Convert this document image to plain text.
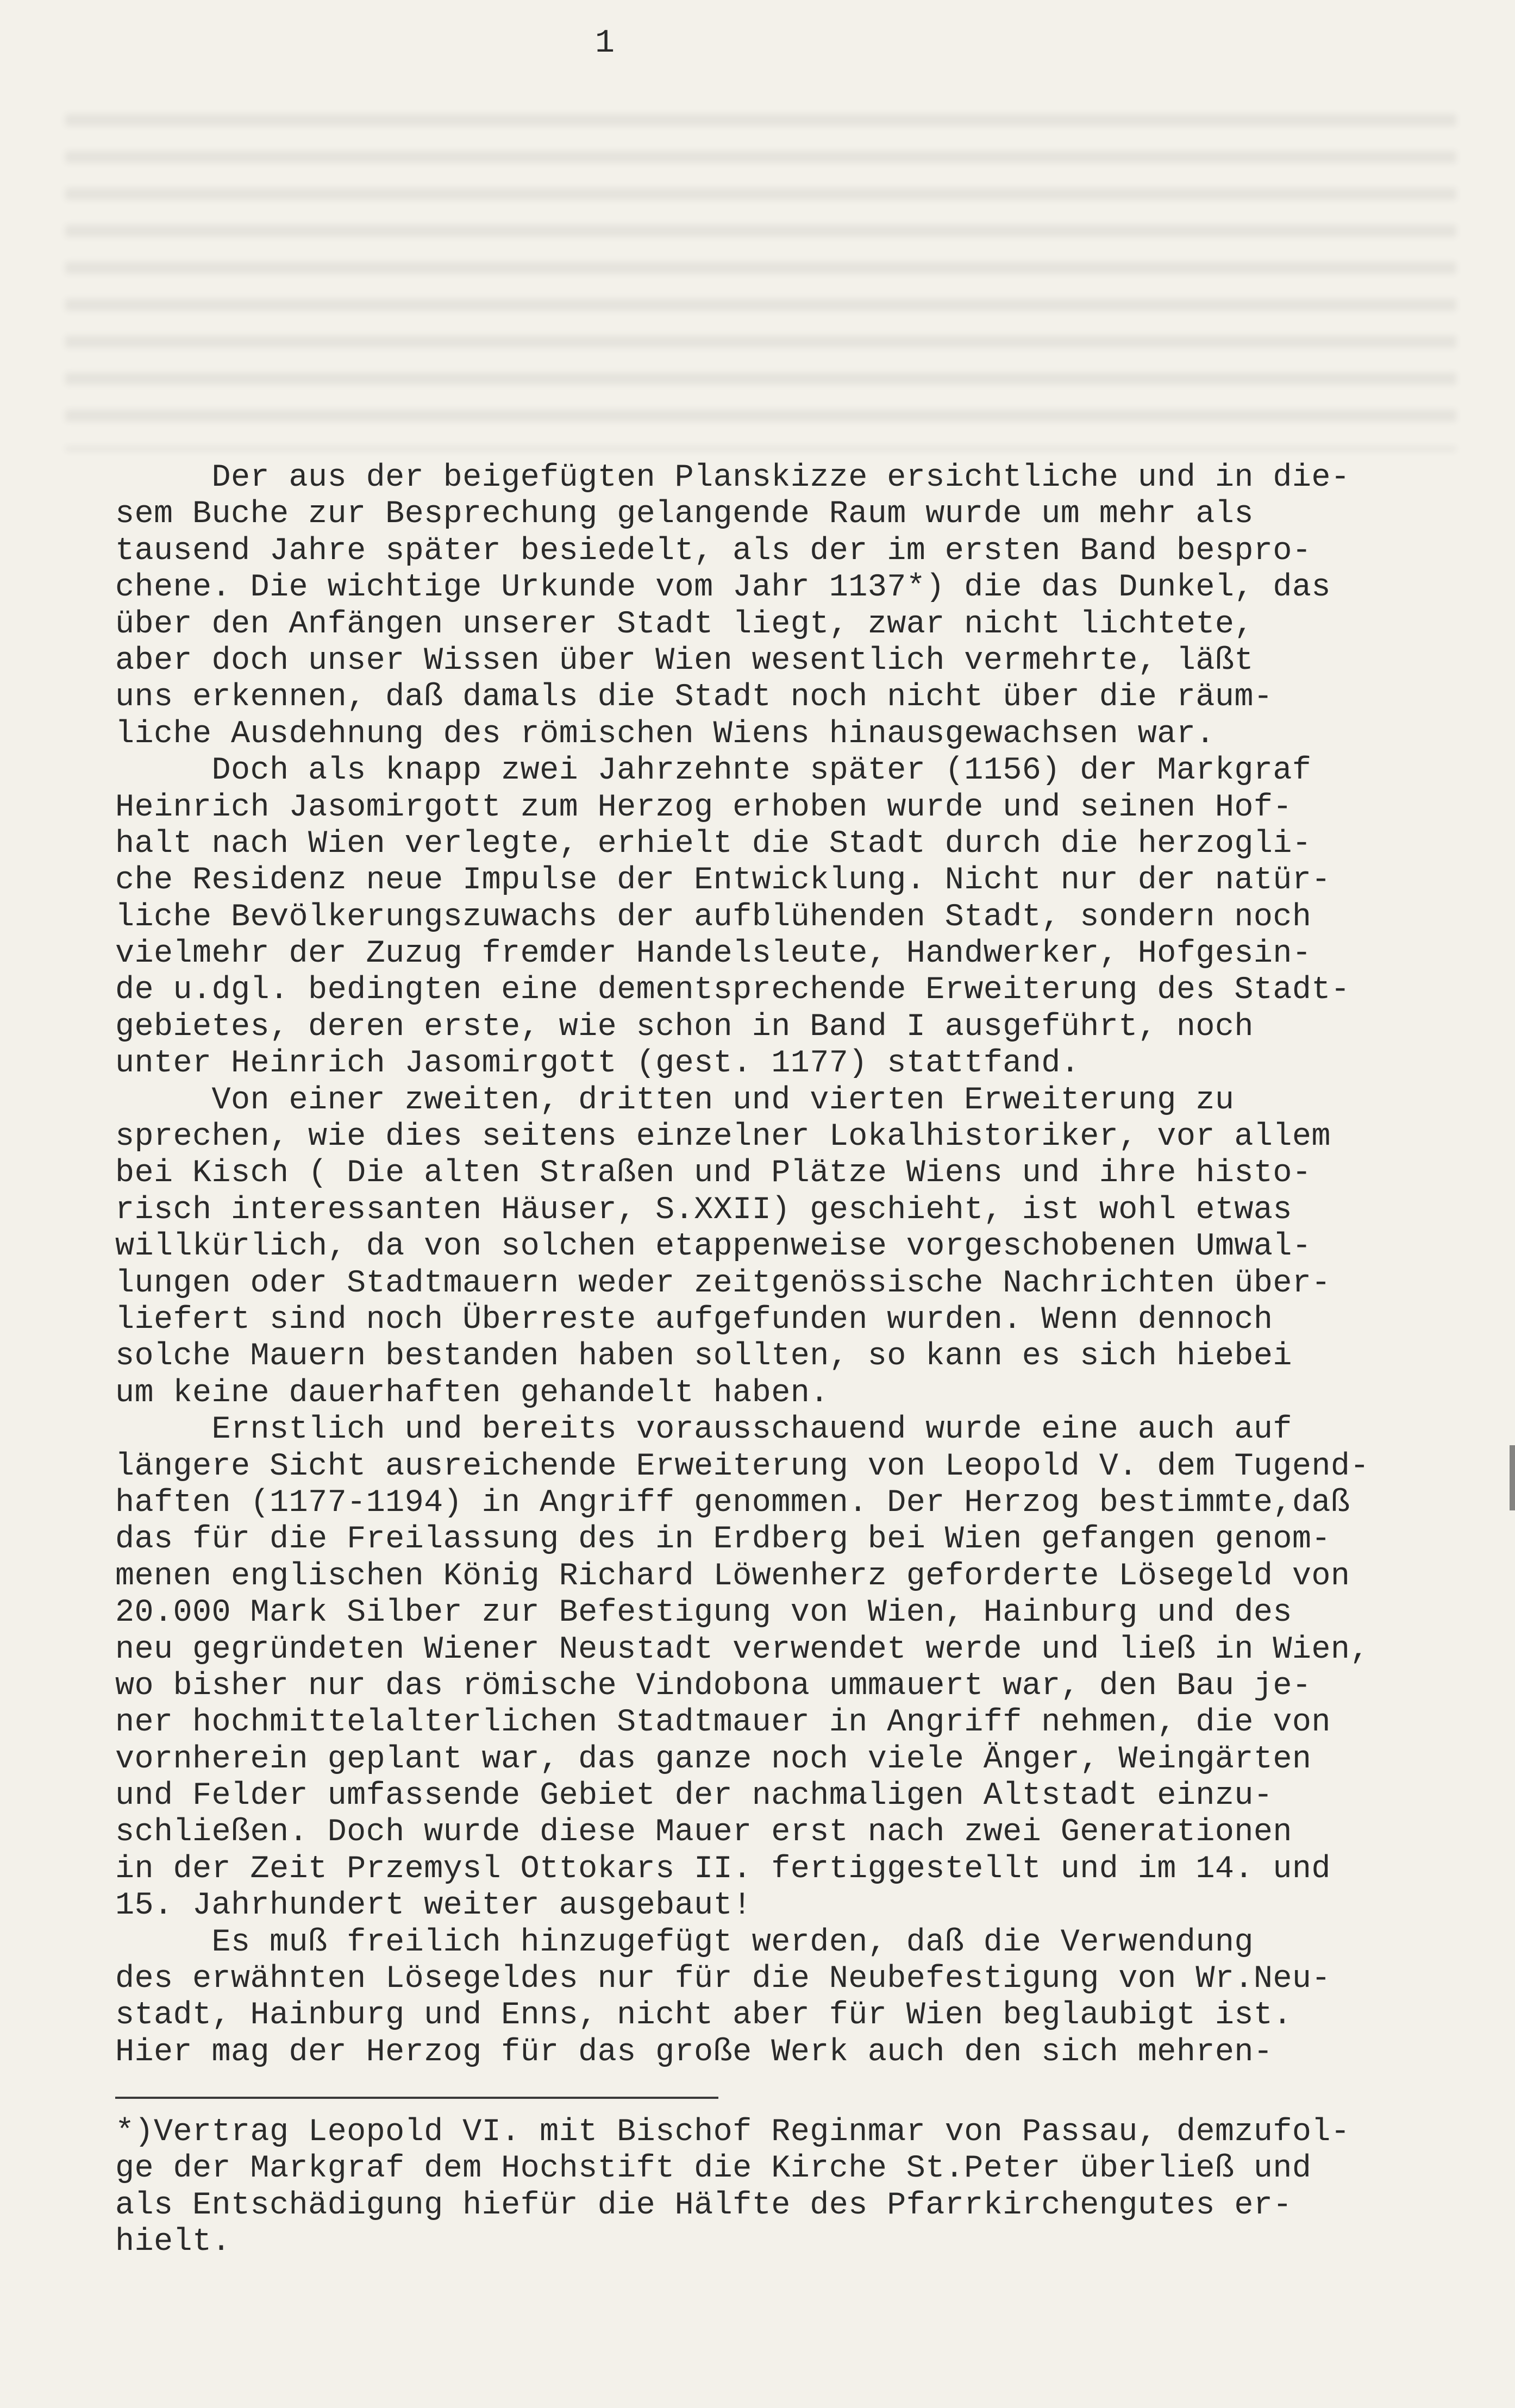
1
Der aus der beigefügten Planskizze ersichtliche und in die-
sem Buche zur Besprechung gelangende Raum wurde um mehr als
tausend Jahre später besiedelt, als der im ersten Band bespro-
chene. Die wichtige Urkunde vom Jahr 1137*) die das Dunkel, das
über den Anfängen unserer Stadt liegt, zwar nicht lichtete,
aber doch unser Wissen über Wien wesentlich vermehrte, läßt
uns erkennen, daß damals die Stadt noch nicht über die räum-
liche Ausdehnung des römischen Wiens hinausgewachsen war.
Doch als knapp zwei Jahrzehnte später (1156) der Markgraf
Heinrich Jasomirgott zum Herzog erhoben wurde und seinen Hof-
halt nach Wien verlegte, erhielt die Stadt durch die herzogli-
che Residenz neue Impulse der Entwicklung. Nicht nur der natür-
liche Bevölkerungszuwachs der aufblühenden Stadt, sondern noch
vielmehr der Zuzug fremder Handelsleute, Handwerker, Hofgesin-
de u.dgl. bedingten eine dementsprechende Erweiterung des Stadt-
gebietes, deren erste, wie schon in Band I ausgeführt, noch
unter Heinrich Jasomirgott (gest. 1177) stattfand.
Von einer zweiten, dritten und vierten Erweiterung zu
sprechen, wie dies seitens einzelner Lokalhistoriker, vor allem
bei Kisch ( Die alten Straßen und Plätze Wiens und ihre histo-
risch interessanten Häuser, S.XXII) geschieht, ist wohl etwas
willkürlich, da von solchen etappenweise vorgeschobenen Umwal-
lungen oder Stadtmauern weder zeitgenössische Nachrichten über-
liefert sind noch Überreste aufgefunden wurden. Wenn dennoch
solche Mauern bestanden haben sollten, so kann es sich hiebei
um keine dauerhaften gehandelt haben.
Ernstlich und bereits vorausschauend wurde eine auch auf
längere Sicht ausreichende Erweiterung von Leopold V. dem Tugend-
haften (1177-1194) in Angriff genommen. Der Herzog bestimmte,daß
das für die Freilassung des in Erdberg bei Wien gefangen genom-
menen englischen König Richard Löwenherz geforderte Lösegeld von
20.000 Mark Silber zur Befestigung von Wien, Hainburg und des
neu gegründeten Wiener Neustadt verwendet werde und ließ in Wien,
wo bisher nur das römische Vindobona ummauert war, den Bau je-
ner hochmittelalterlichen Stadtmauer in Angriff nehmen, die von
vornherein geplant war, das ganze noch viele Änger, Weingärten
und Felder umfassende Gebiet der nachmaligen Altstadt einzu-
schließen. Doch wurde diese Mauer erst nach zwei Generationen
in der Zeit Przemysl Ottokars II. fertiggestellt und im 14. und
15. Jahrhundert weiter ausgebaut!
Es muß freilich hinzugefügt werden, daß die Verwendung
des erwähnten Lösegeldes nur für die Neubefestigung von Wr.Neu-
stadt, Hainburg und Enns, nicht aber für Wien beglaubigt ist.
Hier mag der Herzog für das große Werk auch den sich mehren-
*)Vertrag Leopold VI. mit Bischof Reginmar von Passau, demzufol-
ge der Markgraf dem Hochstift die Kirche St.Peter überließ und
als Entschädigung hiefür die Hälfte des Pfarrkirchengutes er-
hielt.
